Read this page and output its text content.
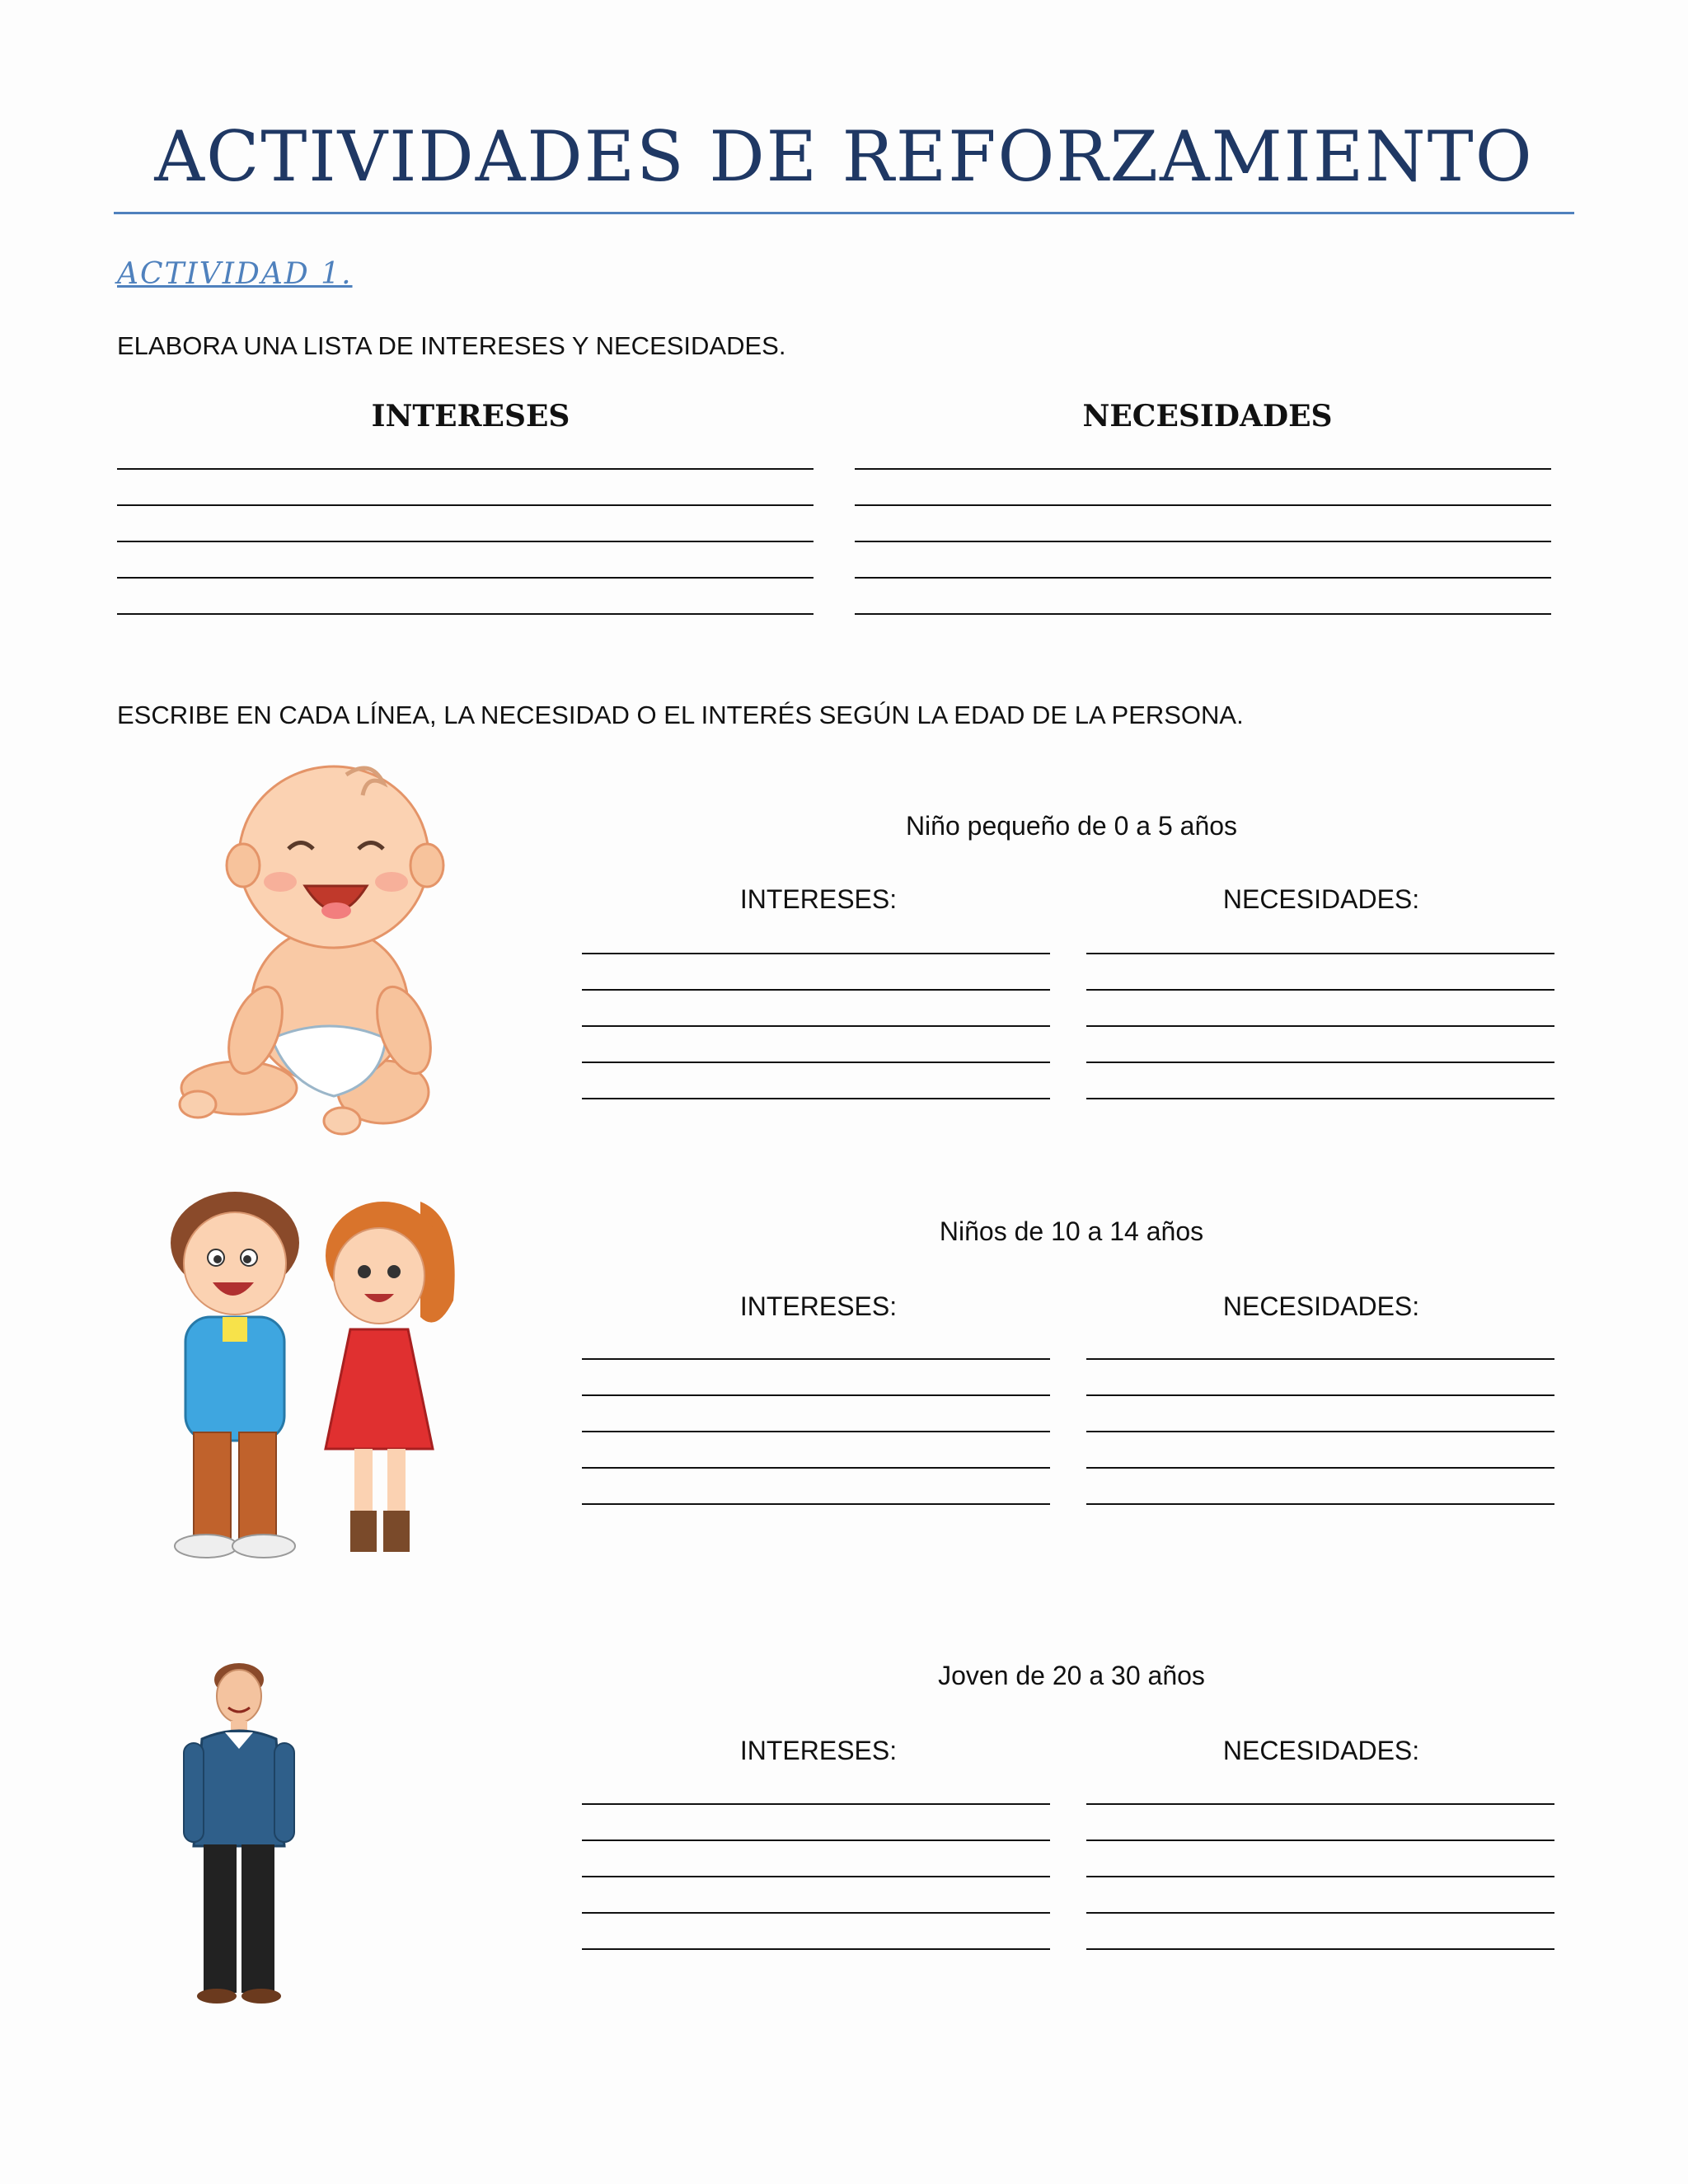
ACTIVIDADES DE REFORZAMIENTO
ACTIVIDAD 1.
ELABORA UNA LISTA DE INTERESES Y NECESIDADES.
INTERESES	NECESIDADES
ESCRIBE EN CADA LÍNEA, LA NECESIDAD O EL INTERÉS SEGÚN LA EDAD DE LA PERSONA.
Niño pequeño de 0 a 5 años
INTERESES:	NECESIDADES:
Niños de 10 a 14 años
INTERESES:	NECESIDADES:
Joven de 20 a 30 años
INTERESES:	NECESIDADES:
